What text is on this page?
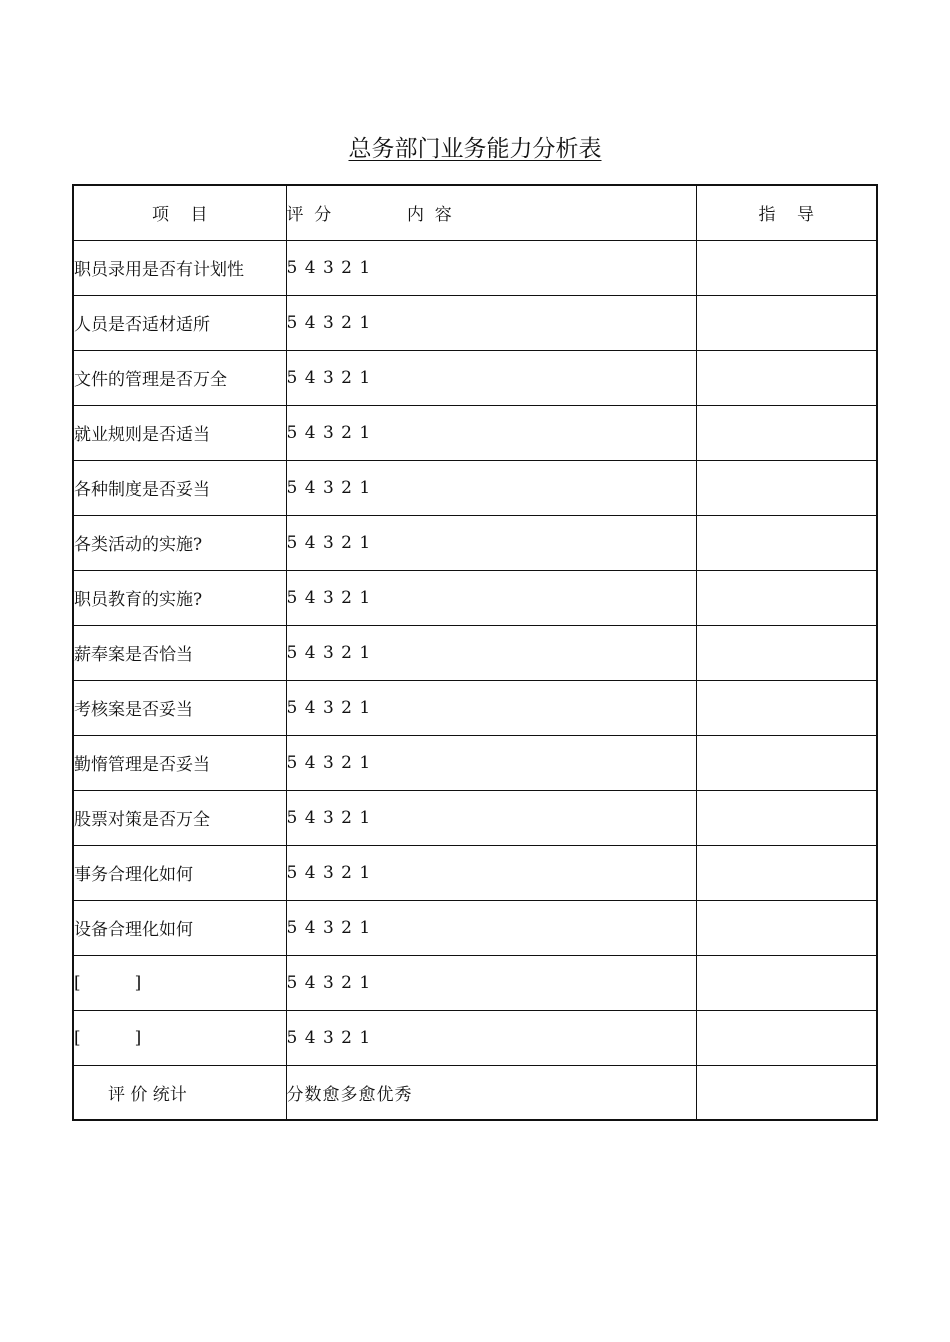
总务部门业务能力分析表
项    目	评  分              内  容	指    导
职员录用是否有计划性	5 4 3 2 1	
人员是否适材适所	5 4 3 2 1	
文件的管理是否万全	5 4 3 2 1	
就业规则是否适当	5 4 3 2 1	
各种制度是否妥当	5 4 3 2 1	
各类活动的实施?	5 4 3 2 1	
职员教育的实施?	5 4 3 2 1	
薪奉案是否恰当	5 4 3 2 1	
考核案是否妥当	5 4 3 2 1	
勤惰管理是否妥当	5 4 3 2 1	
股票对策是否万全	5 4 3 2 1	
事务合理化如何	5 4 3 2 1	
设备合理化如何	5 4 3 2 1	
[          ]	5 4 3 2 1	
[          ]	5 4 3 2 1	
评 价 统计	分数愈多愈优秀	
